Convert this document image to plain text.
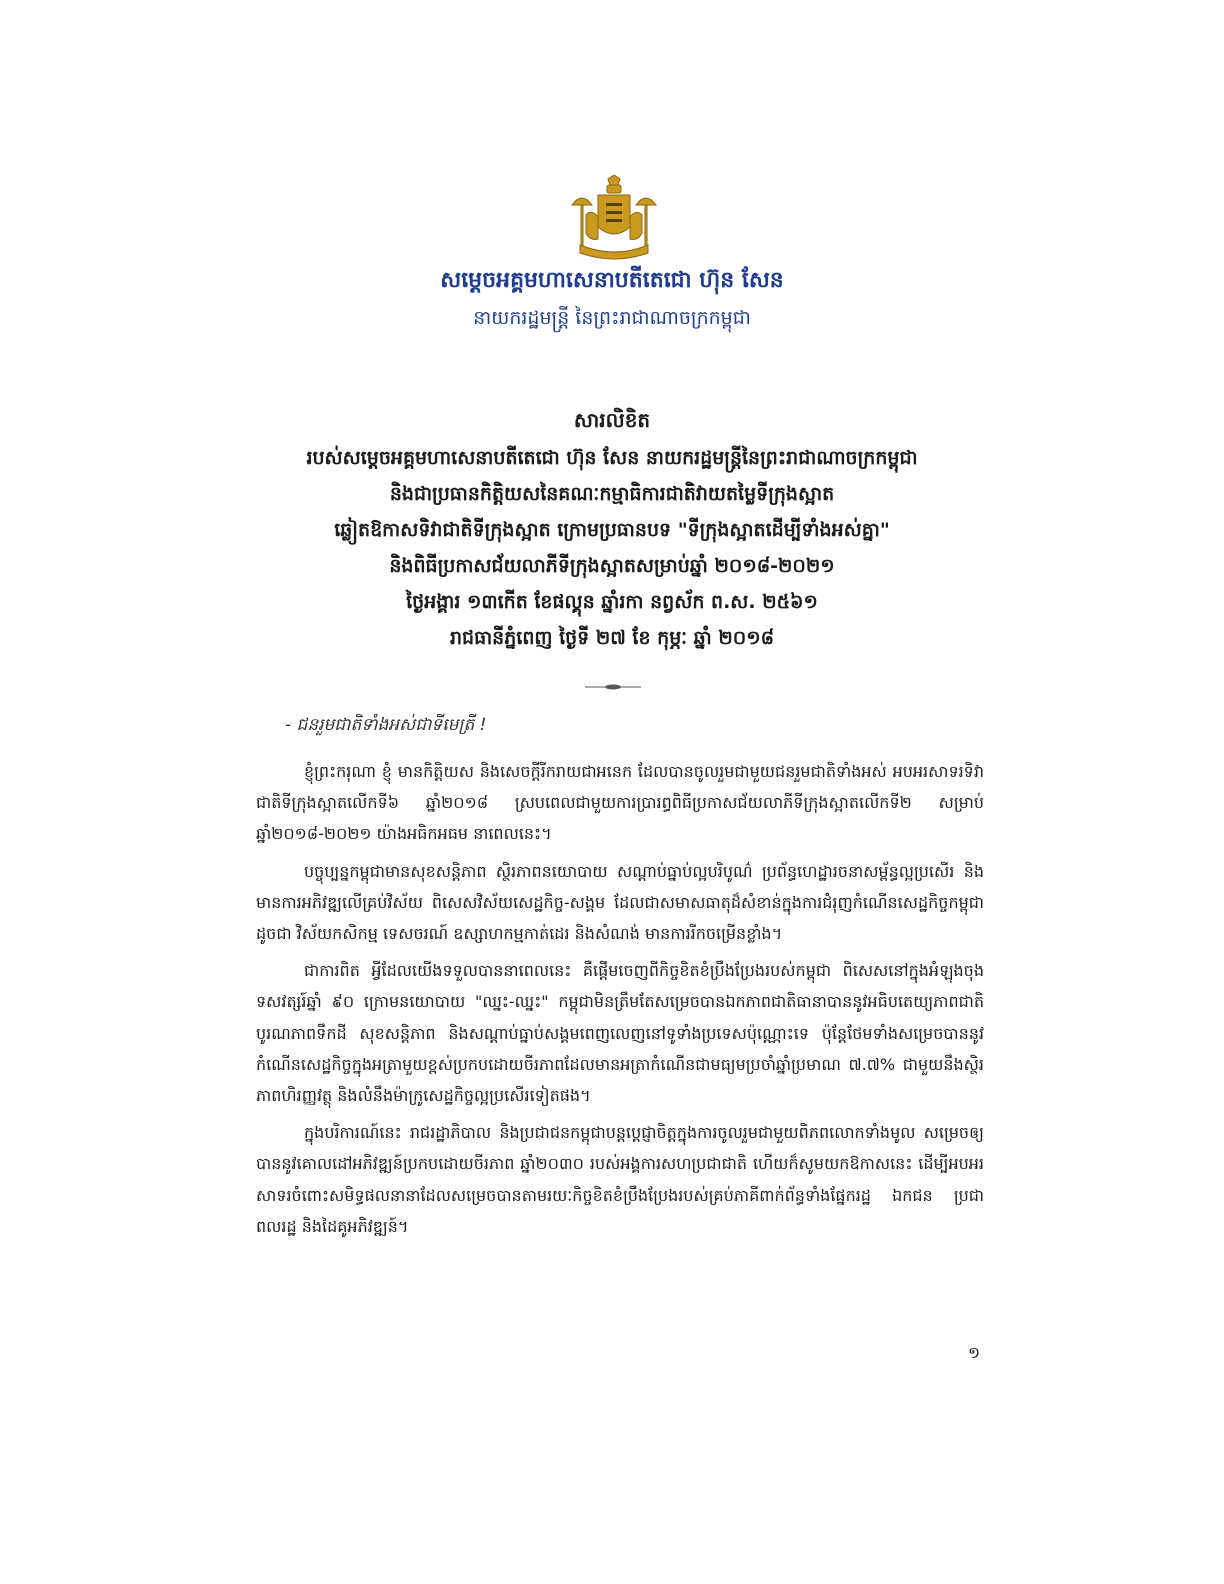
សម្តេចអគ្គមហាសេនាបតីតេជោ ហ៊ុន សែន
នាយករដ្ឋមន្ត្រី នៃព្រះរាជាណាចក្រកម្ពុជា
សារលិខិត
របស់សម្តេចអគ្គមហាសេនាបតីតេជោ ហ៊ុន សែន នាយករដ្ឋមន្ត្រីនៃព្រះរាជាណាចក្រកម្ពុជា
និងជាប្រធានកិត្តិយសនៃគណៈកម្មាធិការជាតិវាយតម្លៃទីក្រុងស្អាត
ឆ្លៀតឱកាសទិវាជាតិទីក្រុងស្អាត ក្រោមប្រធានបទ "ទីក្រុងស្អាតដើម្បីទាំងអស់គ្នា"
និងពិធីប្រកាសជ័យលាភីទីក្រុងស្អាតសម្រាប់ឆ្នាំ ២០១៨-២០២១
ថ្ងៃអង្គារ ១៣កើត ខែផល្គុន ឆ្នាំរកា នព្វស័ក ព.ស. ២៥៦១
រាជធានីភ្នំពេញ ថ្ងៃទី ២៧ ខែ កុម្ភៈ ឆ្នាំ ២០១៨
- ជនរួមជាតិទាំងអស់ជាទីមេត្រី !

ខ្ញុំព្រះករុណា ខ្ញុំ មានកិត្តិយស និងសេចក្តីរីករាយជាអនេក ដែលបានចូលរួមជាមួយជនរួមជាតិទាំងអស់ អបអរសាទរទិវាជាតិទីក្រុងស្អាតលើកទី៦ ឆ្នាំ២០១៨ ស្របពេលជាមួយការប្រារព្ធពិធីប្រកាសជ័យលាភីទីក្រុងស្អាតលើកទី២ សម្រាប់ឆ្នាំ២០១៨-២០២១ យ៉ាងអធិកអធម នាពេលនេះ។

បច្ចុប្បន្នកម្ពុជាមានសុខសន្តិភាព ស្ថិរភាពនយោបាយ សណ្តាប់ធ្នាប់ល្អបរិបូណ៌ ប្រព័ន្ធហេដ្ឋារចនាសម្ព័ន្ធល្អប្រសើរ និងមានការអភិវឌ្ឍលើគ្រប់វិស័យ ពិសេសវិស័យសេដ្ឋកិច្ច-សង្គម ដែលជាសមាសធាតុដ៏សំខាន់ក្នុងការជំរុញកំណើនសេដ្ឋកិច្ចកម្ពុជា ដូចជា វិស័យកសិកម្ម ទេសចរណ៍ ឧស្សាហកម្មកាត់ដេរ និងសំណង់ មានការរីកចម្រើនខ្លាំង។

ជាការពិត អ្វីដែលយើងទទួលបាននាពេលនេះ គឺផ្តើមចេញពីកិច្ចខិតខំប្រឹងប្រែងរបស់កម្ពុជា ពិសេសនៅក្នុងអំឡុងចុងទសវត្សរ៍ឆ្នាំ ៩០ ក្រោមនយោបាយ "ឈ្នះ-ឈ្នះ" កម្ពុជាមិនត្រឹមតែសម្រេចបានឯកភាពជាតិធានាបាននូវអធិបតេយ្យភាពជាតិ បូរណភាពទឹកដី សុខសន្តិភាព និងសណ្តាប់ធ្នាប់សង្គមពេញលេញនៅទូទាំងប្រទេសប៉ុណ្ណោះទេ ប៉ុន្តែថែមទាំងសម្រេចបាននូវកំណើនសេដ្ឋកិច្ចក្នុងអត្រាមួយខ្ពស់ប្រកបដោយចីរភាពដែលមានអត្រាកំណើនជាមធ្យមប្រចាំឆ្នាំប្រមាណ ៧.៧% ជាមួយនឹងស្ថិរភាពហិរញ្ញវត្ថុ និងលំនឹងម៉ាក្រូសេដ្ឋកិច្ចល្អប្រសើរទៀតផង។

ក្នុងបរិការណ៍នេះ រាជរដ្ឋាភិបាល និងប្រជាជនកម្ពុជាបន្តប្តេជ្ញាចិត្តក្នុងការចូលរួមជាមួយពិភពលោកទាំងមូល សម្រេចឲ្យបាននូវគោលដៅអភិវឌ្ឍន៍ប្រកបដោយចីរភាព ឆ្នាំ២០៣០ របស់អង្គការសហប្រជាជាតិ ហើយក៏សូមយកឱកាសនេះ ដើម្បីអបអរសាទរចំពោះសមិទ្ធផលនានាដែលសម្រេចបានតាមរយៈកិច្ចខិតខំប្រឹងប្រែងរបស់គ្រប់ភាគីពាក់ព័ន្ធទាំងផ្នែករដ្ឋ ឯកជន ប្រជាពលរដ្ឋ និងដៃគូអភិវឌ្ឍន៍។

១
